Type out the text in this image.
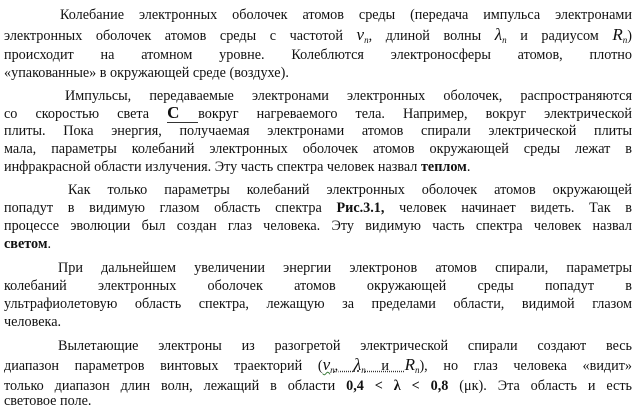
Колебание электронных оболочек атомов среды (передача импульса электронами
электронных оболочек атомов среды с частотой $\nu_n$, длиной волны $\lambda_n$ и радиусом $R_n$)
происходит на атомном уровне. Колеблются электроносферы атомов, плотно
«упакованные» в окружающей среде (воздухе).
Импульсы, передаваемые электронами электронных оболочек, распространяются
со скоростью света C вокруг нагреваемого тела. Например, вокруг электрической
плиты. Пока энергия, получаемая электронами атомов спирали электрической плиты
мала, параметры колебаний электронных оболочек атомов окружающей среды лежат в
инфракрасной области излучения. Эту часть спектра человек назвал теплом.
Как только параметры колебаний электронных оболочек атомов окружающей
попадут в видимую глазом область спектра Рис.3.1, человек начинает видеть. Так в
процессе эволюции был создан глаз человека. Эту видимую часть спектра человек назвал
светом.
При дальнейшем увеличении энергии электронов атомов спирали, параметры
колебаний электронных оболочек атомов окружающей среды попадут в
ультрафиолетовую область спектра, лежащую за пределами области, видимой глазом
человека.
Вылетающие электроны из разогретой электрической спирали создают весь
диапазон параметров винтовых траекторий ($\nu_n$, $\lambda_n$ и $R_n$), но глаз человека «видит»
только диапазон длин волн, лежащий в области 0,4 < λ < 0,8 (μк). Эта область и есть
световое поле.
